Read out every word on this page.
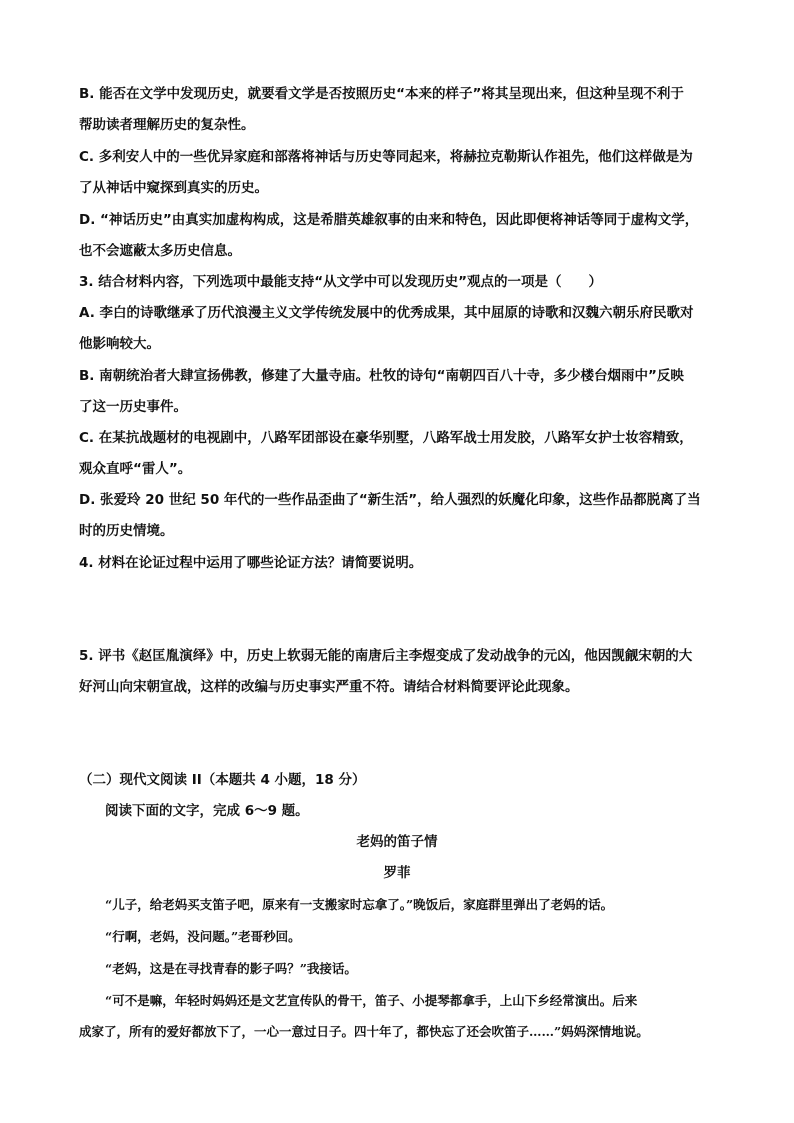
B. 能否在文学中发现历史，就要看文学是否按照历史“本来的样子”将其呈现出来，但这种呈现不利于
帮助读者理解历史的复杂性。
C. 多利安人中的一些优异家庭和部落将神话与历史等同起来，将赫拉克勒斯认作祖先，他们这样做是为
了从神话中窥探到真实的历史。
D. “神话历史”由真实加虚构构成，这是希腊英雄叙事的由来和特色，因此即便将神话等同于虚构文学，
也不会遮蔽太多历史信息。
3. 结合材料内容，下列选项中最能支持“从文学中可以发现历史”观点的一项是（　　）
A. 李白的诗歌继承了历代浪漫主义文学传统发展中的优秀成果，其中屈原的诗歌和汉魏六朝乐府民歌对
他影响较大。
B. 南朝统治者大肆宣扬佛教，修建了大量寺庙。杜牧的诗句“南朝四百八十寺，多少楼台烟雨中”反映
了这一历史事件。
C. 在某抗战题材的电视剧中，八路军团部设在豪华别墅，八路军战士用发胶，八路军女护士妆容精致，
观众直呼“雷人”。
D. 张爱玲 20 世纪 50 年代的一些作品歪曲了“新生活”，给人强烈的妖魔化印象，这些作品都脱离了当
时的历史情境。
4. 材料在论证过程中运用了哪些论证方法？请简要说明。
5. 评书《赵匡胤演绎》中，历史上软弱无能的南唐后主李煜变成了发动战争的元凶，他因觊觎宋朝的大
好河山向宋朝宣战，这样的改编与历史事实严重不符。请结合材料简要评论此现象。
（二）现代文阅读 II（本题共 4 小题，18 分）
阅读下面的文字，完成 6～9 题。
老妈的笛子情
罗菲
“儿子，给老妈买支笛子吧，原来有一支搬家时忘拿了。”晚饭后，家庭群里弹出了老妈的话。
“行啊，老妈，没问题。”老哥秒回。
“老妈，这是在寻找青春的影子吗？”我接话。
“可不是嘛，年轻时妈妈还是文艺宣传队的骨干，笛子、小提琴都拿手，上山下乡经常演出。后来
成家了，所有的爱好都放下了，一心一意过日子。四十年了，都快忘了还会吹笛子……”妈妈深情地说。
